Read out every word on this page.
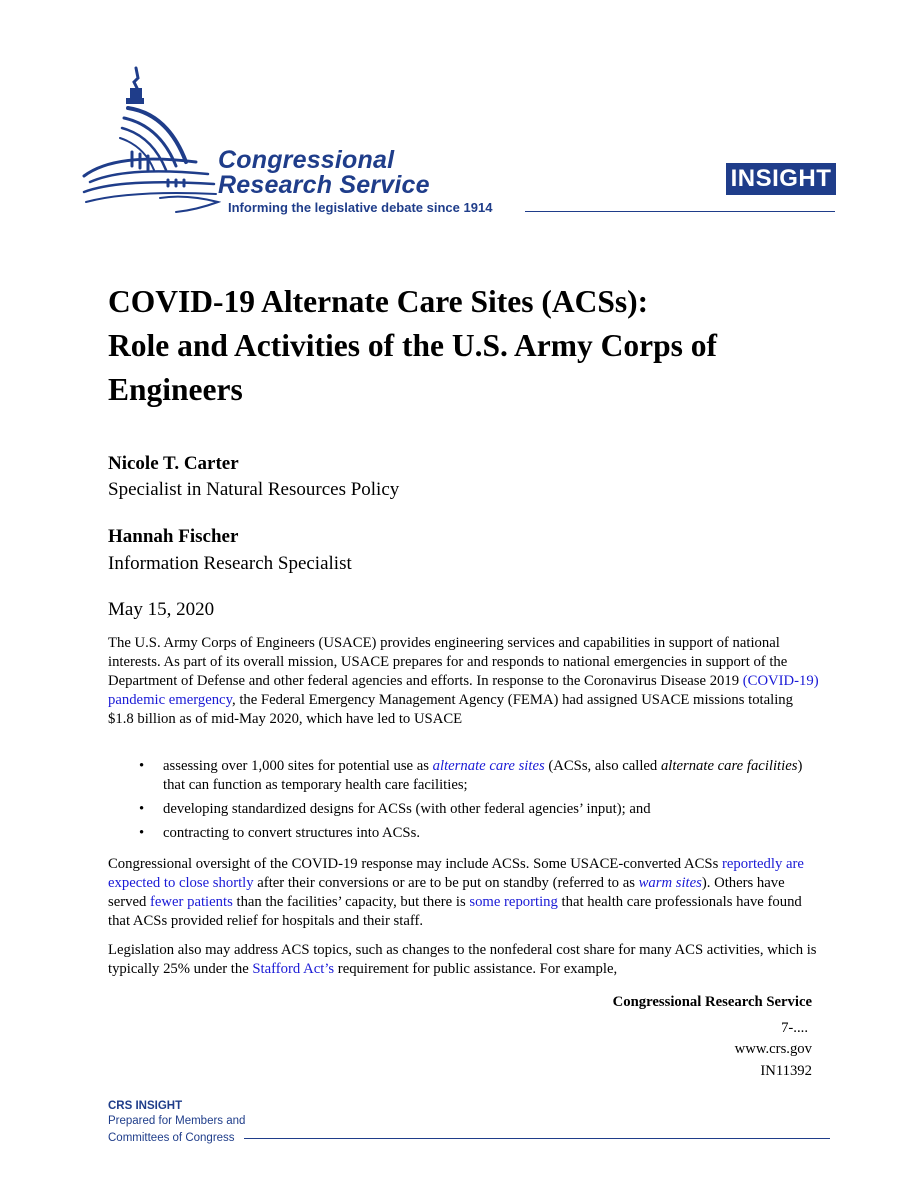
Congressional
Research Service
Informing the legislative debate since 1914
INSIGHT
COVID-19 Alternate Care Sites (ACSs):
Role and Activities of the U.S. Army Corps of
Engineers
Nicole T. Carter
Specialist in Natural Resources Policy
Hannah Fischer
Information Research Specialist
May 15, 2020

The U.S. Army Corps of Engineers (USACE) provides engineering services and capabilities in support of national interests. As part of its overall mission, USACE prepares for and responds to national emergencies in support of the Department of Defense and other federal agencies and efforts. In response to the Coronavirus Disease 2019 (COVID-19) pandemic emergency, the Federal Emergency Management Agency (FEMA) had assigned USACE missions totaling $1.8 billion as of mid-May 2020, which have led to USACE

• assessing over 1,000 sites for potential use as alternate care sites (ACSs, also called alternate care facilities) that can function as temporary health care facilities;
• developing standardized designs for ACSs (with other federal agencies’ input); and
• contracting to convert structures into ACSs.

Congressional oversight of the COVID-19 response may include ACSs. Some USACE-converted ACSs reportedly are expected to close shortly after their conversions or are to be put on standby (referred to as warm sites). Others have served fewer patients than the facilities’ capacity, but there is some reporting that health care professionals have found that ACSs provided relief for hospitals and their staff.

Legislation also may address ACS topics, such as changes to the nonfederal cost share for many ACS activities, which is typically 25% under the Stafford Act’s requirement for public assistance. For example,

Congressional Research Service
7-....
www.crs.gov
IN11392
CRS INSIGHT
Prepared for Members and
Committees of Congress
